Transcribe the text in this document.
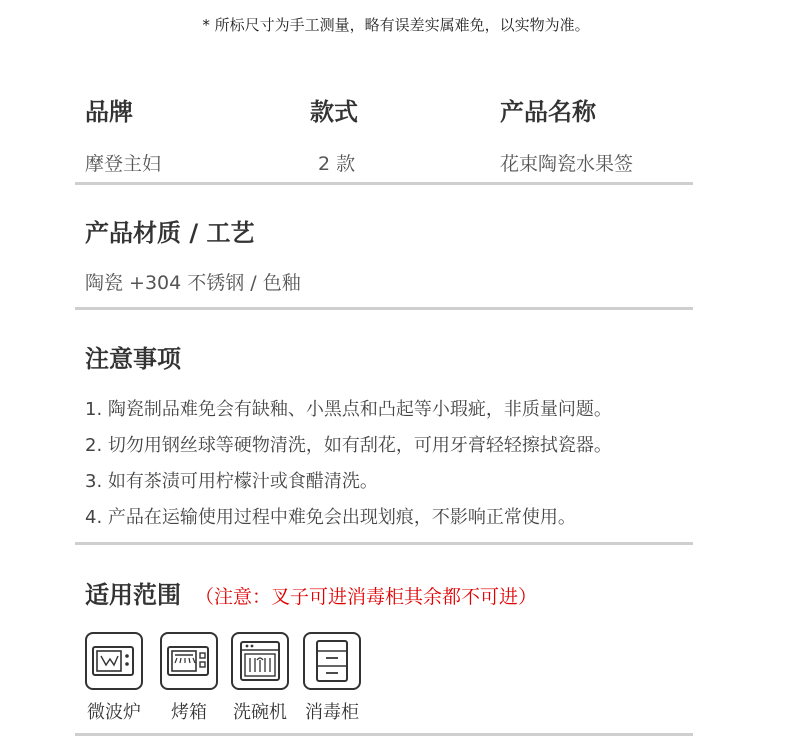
* 所标尺寸为手工测量，略有误差实属难免，以实物为准。
品牌	款式	产品名称
摩登主妇	2 款	花束陶瓷水果签
产品材质 / 工艺
陶瓷 +304 不锈钢 / 色釉
注意事项
1. 陶瓷制品难免会有缺釉、小黑点和凸起等小瑕疵，非质量问题。
2. 切勿用钢丝球等硬物清洗，如有刮花，可用牙膏轻轻擦拭瓷器。
3. 如有茶渍可用柠檬汁或食醋清洗。
4. 产品在运输使用过程中难免会出现划痕，不影响正常使用。
适用范围 （注意：叉子可进消毒柜其余都不可进）
微波炉	烤箱	洗碗机	消毒柜
